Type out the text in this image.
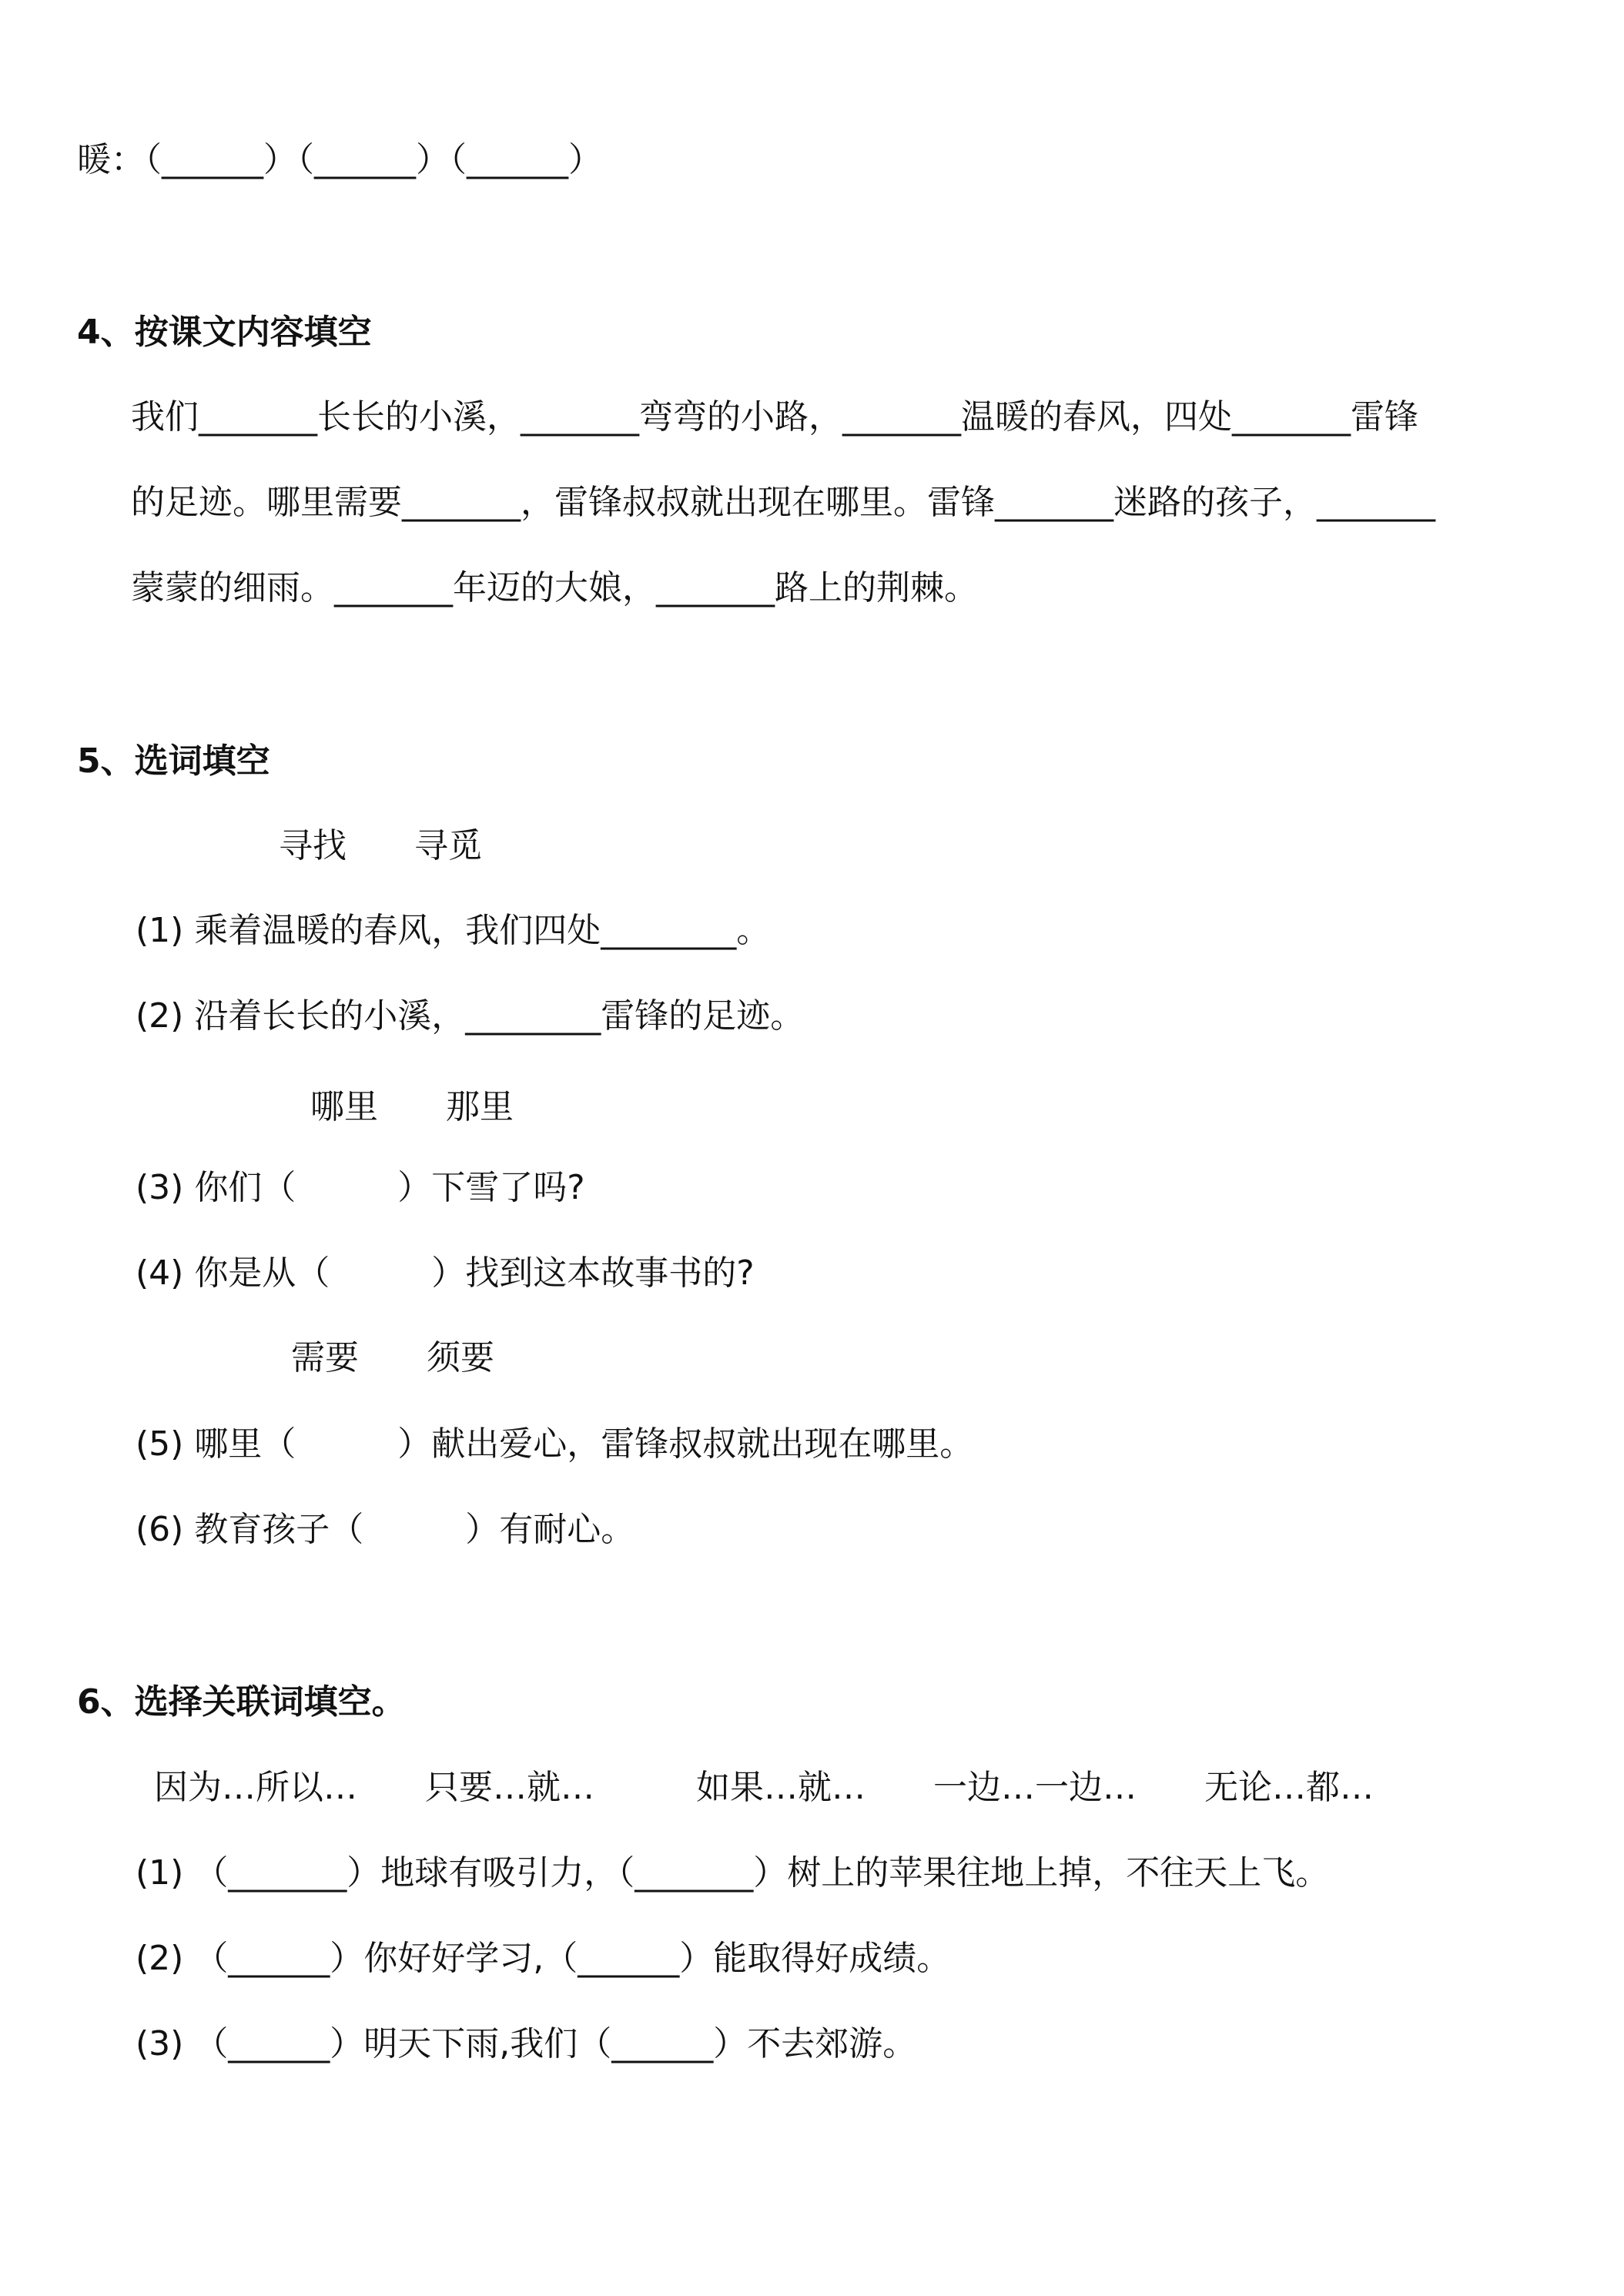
暖：（______）（______）（______）
4、按课文内容填空
我们_______长长的小溪，_______弯弯的小路，_______温暖的春风，四处_______雷锋
的足迹。哪里需要_______，雷锋叔叔就出现在哪里。雷锋_______迷路的孩子，_______
蒙蒙的细雨。_______年迈的大娘，_______路上的荆棘。
5、选词填空
寻找　　寻觅
(1) 乘着温暖的春风，我们四处________。
(2) 沿着长长的小溪，________雷锋的足迹。
哪里　　那里
(3) 你们（　　　）下雪了吗?
(4) 你是从（　　　）找到这本故事书的?
需要　　须要
(5) 哪里（　　　）献出爱心，雷锋叔叔就出现在哪里。
(6) 教育孩子（　　　）有耐心。
6、选择关联词填空。
因为…所以…　　只要…就…　　　如果…就…　　一边…一边…　　无论…都…
(1) （_______）地球有吸引力，（_______）树上的苹果往地上掉，不往天上飞。
(2) （______）你好好学习,（______）能取得好成绩。
(3) （______）明天下雨,我们（______）不去郊游。
